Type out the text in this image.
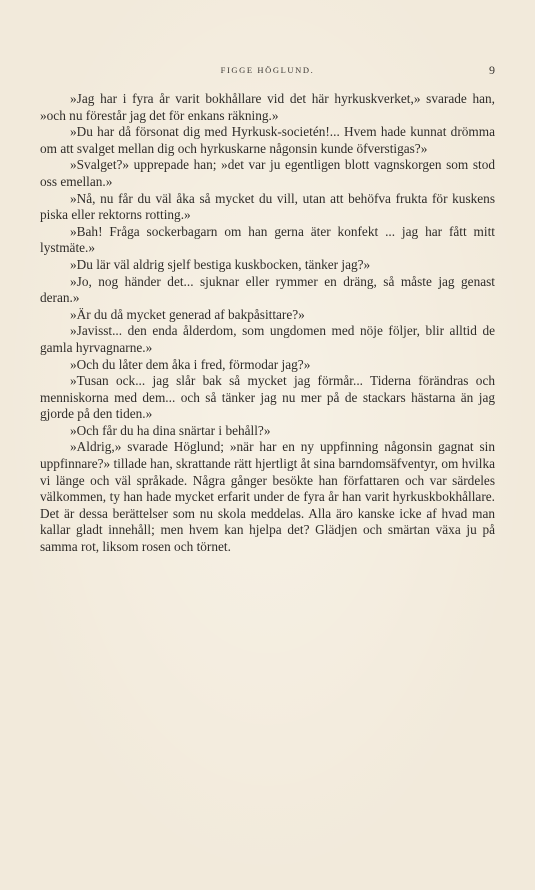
FIGGE HÖGLUND.	9

»Jag har i fyra år varit bokhållare vid det här hyrkuskverket,» svarade han, »och nu förestår jag det för enkans räkning.»

»Du har då försonat dig med Hyrkusk-societén!... Hvem hade kunnat drömma om att svalget mellan dig och hyrkuskarne någonsin kunde öfverstigas?»

»Svalget?» upprepade han; »det var ju egentligen blott vagnskorgen som stod oss emellan.»

»Nå, nu får du väl åka så mycket du vill, utan att behöfva frukta för kuskens piska eller rektorns rotting.»

»Bah! Fråga sockerbagarn om han gerna äter konfekt ... jag har fått mitt lystmäte.»

»Du lär väl aldrig sjelf bestiga kuskbocken, tänker jag?»

»Jo, nog händer det... sjuknar eller rymmer en dräng, så måste jag genast deran.»

»Är du då mycket generad af bakpåsittare?»

»Javisst... den enda ålderdom, som ungdomen med nöje följer, blir alltid de gamla hyrvagnarne.»

»Och du låter dem åka i fred, förmodar jag?»

»Tusan ock... jag slår bak så mycket jag förmår... Tiderna förändras och menniskorna med dem... och så tänker jag nu mer på de stackars hästarna än jag gjorde på den tiden.»

»Och får du ha dina snärtar i behåll?»

»Aldrig,» svarade Höglund; »när har en ny uppfinning någonsin gagnat sin uppfinnare?» tillade han, skrattande rätt hjertligt åt sina barndomsäfventyr, om hvilka vi länge och väl språkade. Några gånger besökte han författaren och var särdeles välkommen, ty han hade mycket erfarit under de fyra år han varit hyrkuskbokhållare. Det är dessa berättelser som nu skola meddelas. Alla äro kanske icke af hvad man kallar gladt innehåll; men hvem kan hjelpa det? Glädjen och smärtan växa ju på samma rot, liksom rosen och törnet.
